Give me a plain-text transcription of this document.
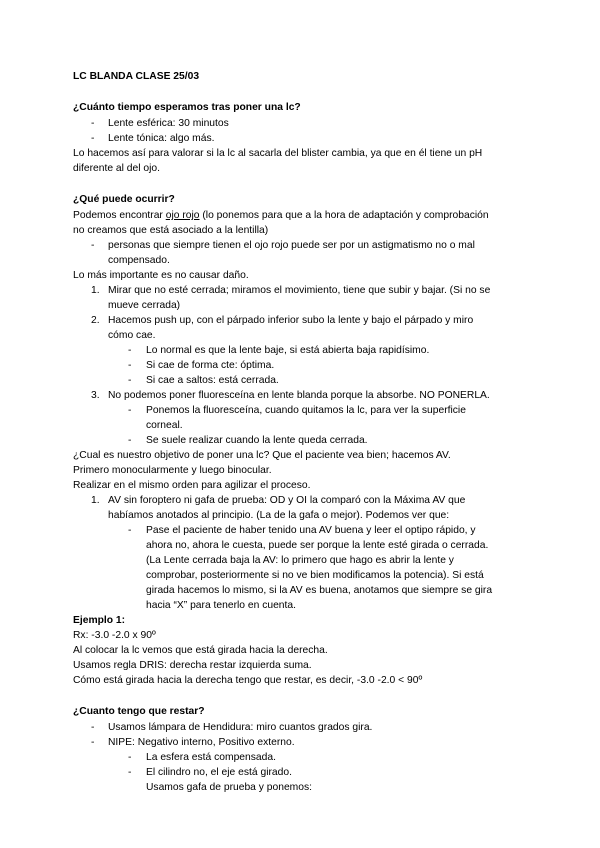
LC BLANDA CLASE 25/03
¿Cuánto tiempo esperamos tras poner una lc?
- Lente esférica: 30 minutos
- Lente tónica: algo más.
Lo hacemos así para valorar si la lc al sacarla del blister cambia, ya que en él tiene un pH
diferente al del ojo.
¿Qué puede ocurrir?
Podemos encontrar ojo rojo (lo ponemos para que a la hora de adaptación y comprobación
no creamos que está asociado a la lentilla)
- personas que siempre tienen el ojo rojo puede ser por un astigmatismo no o mal
compensado.
Lo más importante es no causar daño.
1. Mirar que no esté cerrada; miramos el movimiento, tiene que subir y bajar. (Si no se
mueve cerrada)
2. Hacemos push up, con el párpado inferior subo la lente y bajo el párpado y miro
cómo cae.
- Lo normal es que la lente baje, si está abierta baja rapidísimo.
- Si cae de forma cte: óptima.
- Si cae a saltos: está cerrada.
3. No podemos poner fluoresceína en lente blanda porque la absorbe. NO PONERLA.
- Ponemos la fluoresceína, cuando quitamos la lc, para ver la superficie
corneal.
- Se suele realizar cuando la lente queda cerrada.
¿Cual es nuestro objetivo de poner una lc? Que el paciente vea bien; hacemos AV.
Primero monocularmente y luego binocular.
Realizar en el mismo orden para agilizar el proceso.
1. AV sin foroptero ni gafa de prueba: OD y OI la comparó con la Máxima AV que
habíamos anotados al principio. (La de la gafa o mejor). Podemos ver que:
- Pase el paciente de haber tenido una AV buena y leer el optipo rápido, y
ahora no, ahora le cuesta, puede ser porque la lente esté girada o cerrada.
(La Lente cerrada baja la AV: lo primero que hago es abrir la lente y
comprobar, posteriormente si no ve bien modificamos la potencia). Si está
girada hacemos lo mismo, si la AV es buena, anotamos que siempre se gira
hacia “X” para tenerlo en cuenta.
Ejemplo 1:
Rx: -3.0 -2.0 x 90º
Al colocar la lc vemos que está girada hacia la derecha.
Usamos regla DRIS: derecha restar izquierda suma.
Cómo está girada hacia la derecha tengo que restar, es decir, -3.0 -2.0 < 90º
¿Cuanto tengo que restar?
- Usamos lámpara de Hendidura: miro cuantos grados gira.
- NIPE: Negativo interno, Positivo externo.
- La esfera está compensada.
- El cilindro no, el eje está girado.
Usamos gafa de prueba y ponemos:
